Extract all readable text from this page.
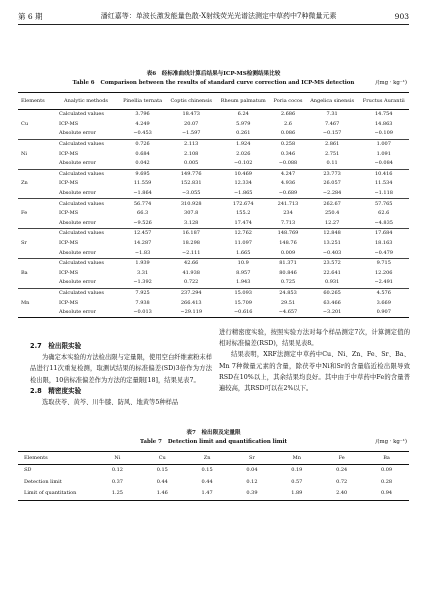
第 6 期	潘红嘉等：单波长激发能量色散-X射线荧光光谱法测定中草药中7种微量元素	903
表6　经标准曲线计算后结果与ICP-MS检测结果比较
Table 6 Comparison between the results of standard curve correction and ICP-MS detection	/(mg · kg⁻¹)
Elements	Analytic methods	Pinellia ternata	Coptis chinensis	Rheum palmatum	Poria cocos	Angelica sinensis	Fructus Aurantii
	Calculated values	3.796	18.473	6.24	2.686	7.31	14.754
Cu	ICP-MS	4.249	20.07	5.979	2.6	7.467	14.863
	Absolute error	−0.453	−1.597	0.261	0.086	−0.157	−0.109
	Calculated values	0.726	2.113	1.924	0.258	2.861	1.007
Ni	ICP-MS	0.684	2.108	2.026	0.346	2.751	1.091
	Absolute error	0.042	0.005	−0.102	−0.088	0.11	−0.084
	Calculated values	9.695	149.776	10.469	4.247	23.773	10.416
Zn	ICP-MS	11.559	152.831	12.334	4.936	26.057	11.534
	Absolute error	−1.864	−3.055	−1.865	−0.689	−2.284	−1.118
	Calculated values	56.774	310.928	172.674	241.713	262.67	57.765
Fe	ICP-MS	66.3	307.8	155.2	234	250.4	62.6
	Absolute error	−9.526	3.128	17.474	7.713	12.27	−4.835
	Calculated values	12.457	16.187	12.762	148.769	12.848	17.684
Sr	ICP-MS	14.287	18.298	11.097	148.76	13.251	18.163
	Absolute error	−1.83	−2.111	1.665	0.009	−0.403	−0.479
	Calculated values	1.939	42.66	10.9	81.371	23.572	9.715
Ba	ICP-MS	3.31	41.938	8.957	80.846	22.641	12.206
	Absolute error	−1.392	0.722	1.943	0.725	0.931	−2.491
	Calculated values	7.925	237.294	15.093	24.853	60.265	4.576
Mn	ICP-MS	7.938	266.413	15.709	29.51	63.466	3.669
	Absolute error	−0.013	−29.119	−0.616	−4.657	−3.201	0.907
2.7　检出限实验

为确定本实验的方法检出限与定量限，使用空白纤维素粉末样品进行11次重复检测，取测试结果的标准偏差(SD)3倍作为方法检出限，10倍标准偏差作为方法的定量限[18]，结果见表7。

2.8　精密度实验

选取茯苓、黄芩、川牛膝、防风、地黄等5种样品

进行精密度实验，按照实验方法对每个样品测定7次，计算测定值的相对标准偏差(RSD)，结果见表8。

结果表明，XRF法测定中草药中Cu、Ni、Zn、Fe、Sr、Ba、Mn 7种微量元素的含量，除茯苓中Ni和Sr的含量临近检出限导致RSD在10%以上，其余结果均良好。其中由于中草药中Fe的含量普遍较高，其RSD可以在2%以下。

表7　检出限及定量限
Table 7 Detection limit and quantification limit	/(mg · kg⁻¹)
Elements	Ni	Cu	Zn	Sr	Mn	Fe	Ba
SD	0.12	0.15	0.15	0.04	0.19	0.24	0.09
Detection limit	0.37	0.44	0.44	0.12	0.57	0.72	0.28
Limit of quantitation	1.25	1.46	1.47	0.39	1.89	2.40	0.94
